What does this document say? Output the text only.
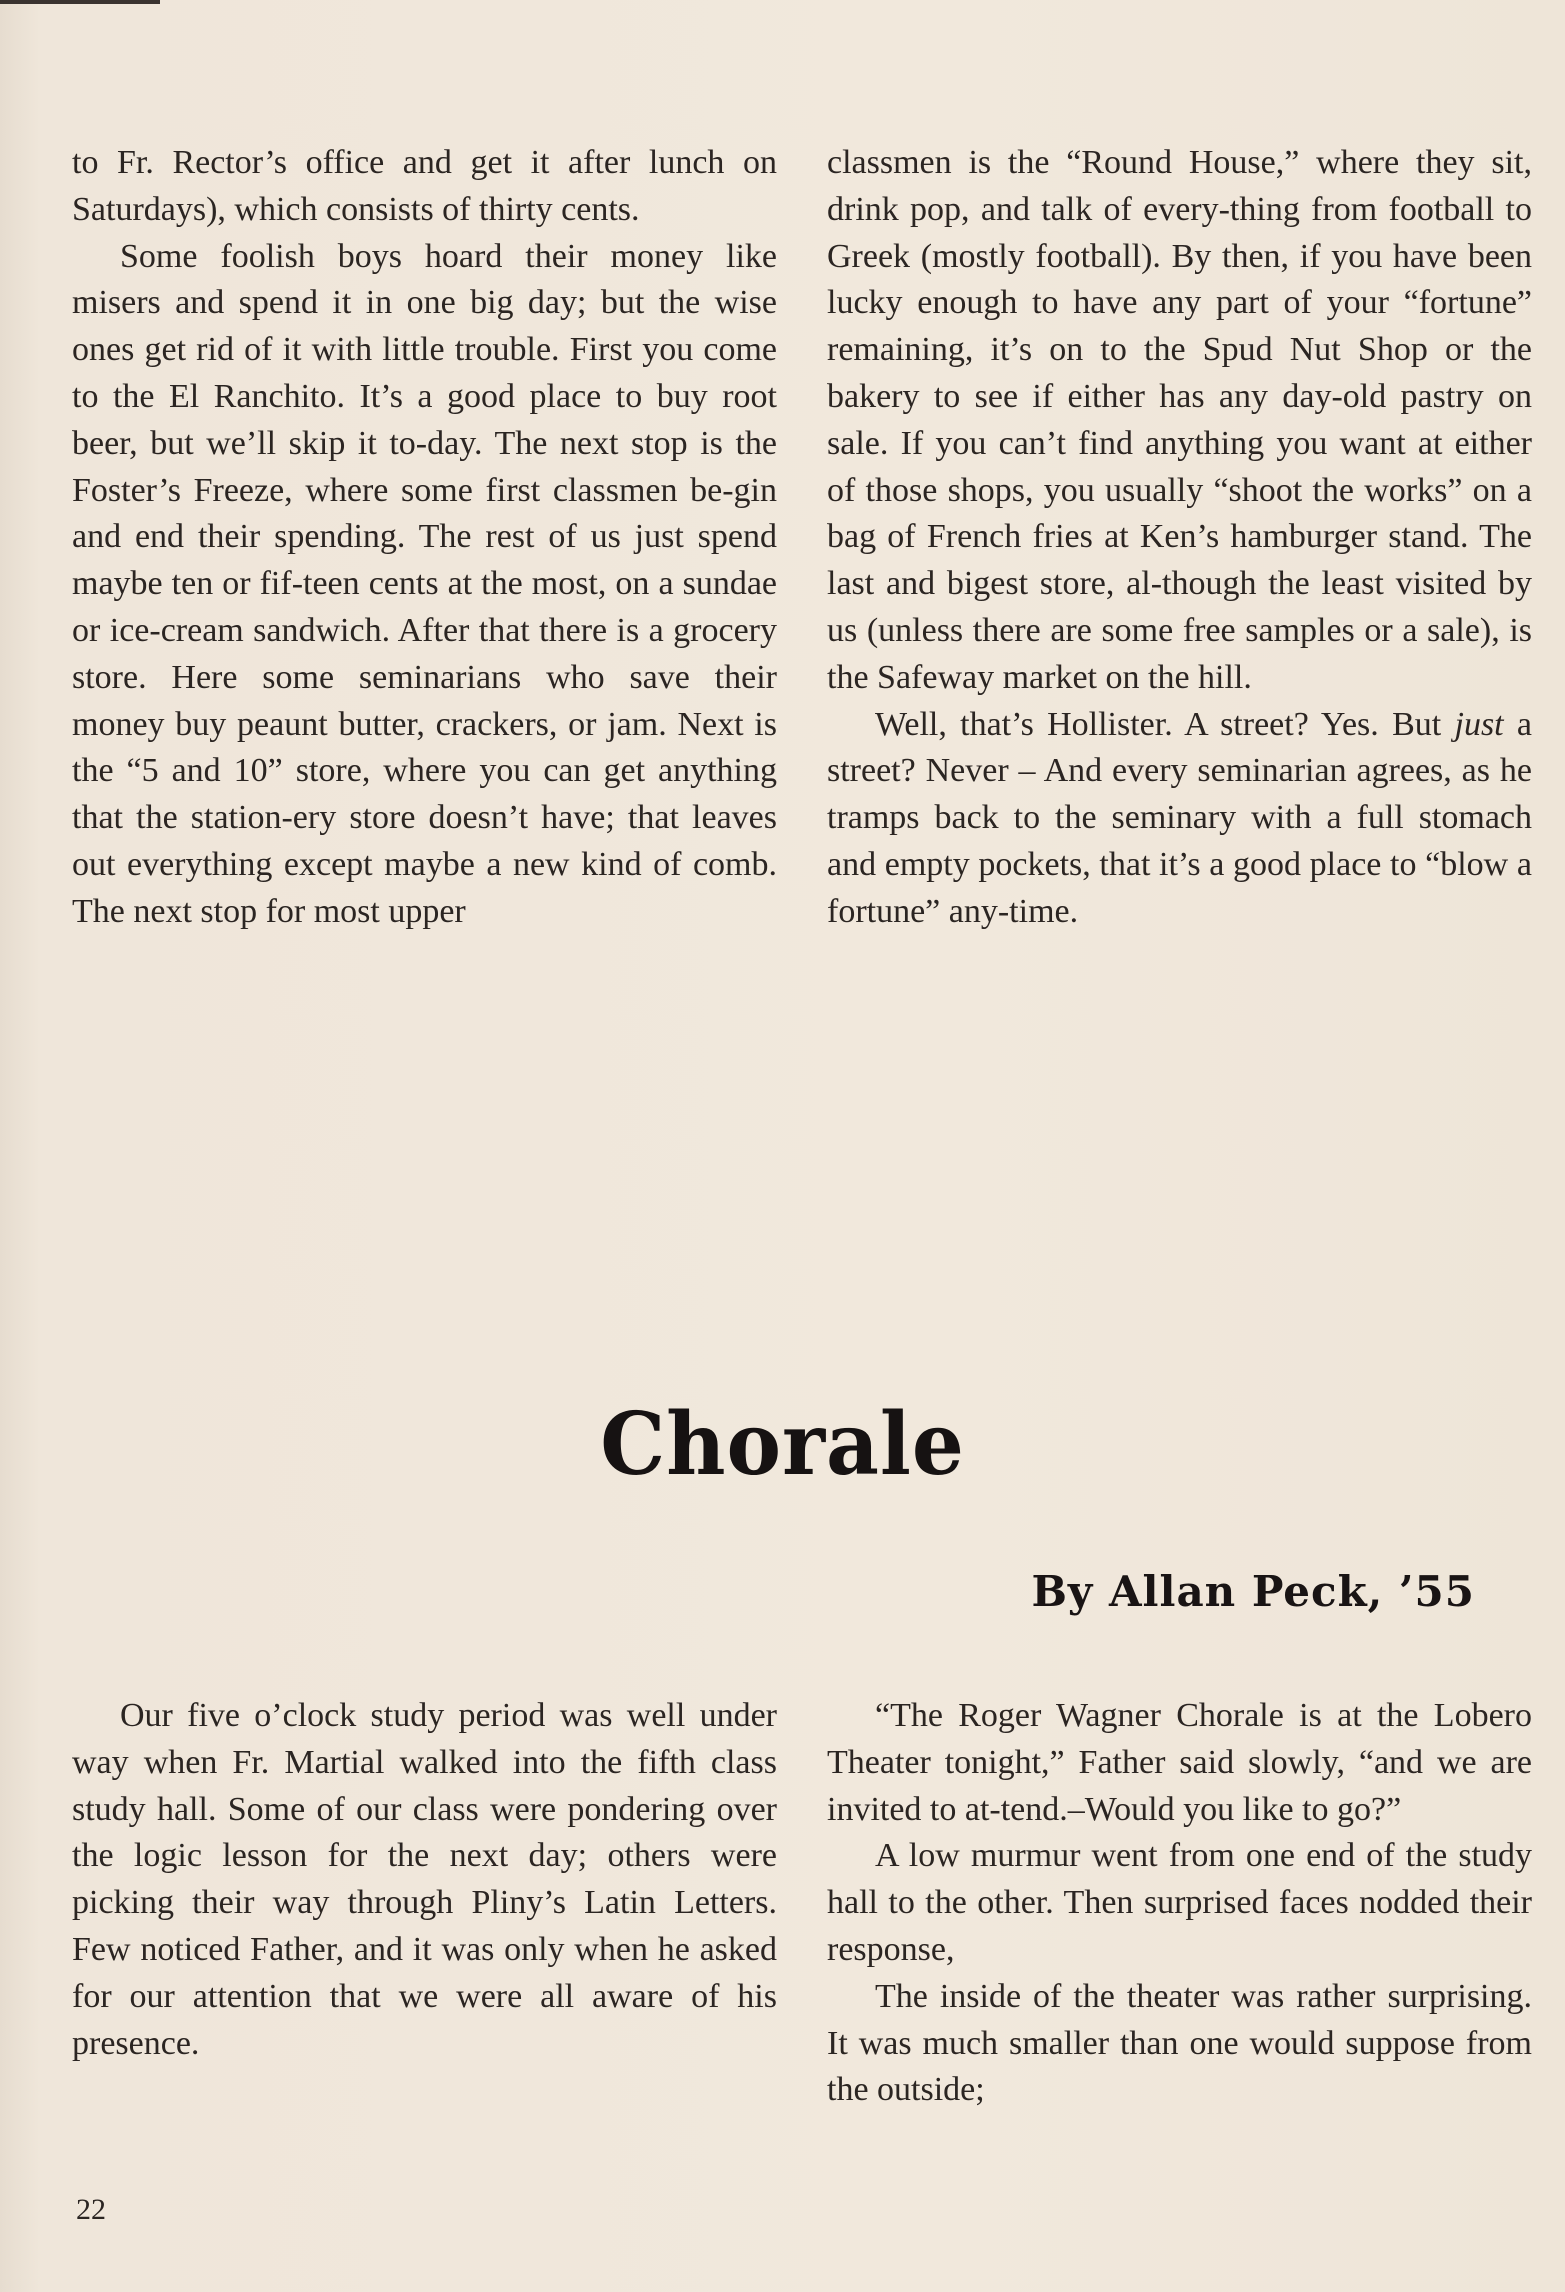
to Fr. Rector’s office and get it after lunch on Saturdays), which consists of thirty cents.

Some foolish boys hoard their money like misers and spend it in one big day; but the wise ones get rid of it with little trouble. First you come to the El Ranchito. It’s a good place to buy root beer, but we’ll skip it to-day. The next stop is the Foster’s Freeze, where some first classmen be-gin and end their spending. The rest of us just spend maybe ten or fif-teen cents at the most, on a sundae or ice-cream sandwich. After that there is a grocery store. Here some seminarians who save their money buy peaunt butter, crackers, or jam. Next is the “5 and 10” store, where you can get anything that the station-ery store doesn’t have; that leaves out everything except maybe a new kind of comb. The next stop for most upper

classmen is the “Round House,” where they sit, drink pop, and talk of every-thing from football to Greek (mostly football). By then, if you have been lucky enough to have any part of your “fortune” remaining, it’s on to the Spud Nut Shop or the bakery to see if either has any day-old pastry on sale. If you can’t find anything you want at either of those shops, you usually “shoot the works” on a bag of French fries at Ken’s hamburger stand. The last and bigest store, al-though the least visited by us (unless there are some free samples or a sale), is the Safeway market on the hill.

Well, that’s Hollister. A street? Yes. But just a street? Never – And every seminarian agrees, as he tramps back to the seminary with a full stomach and empty pockets, that it’s a good place to “blow a fortune” any-time.

Chorale
By Allan Peck, ’55

Our five o’clock study period was well under way when Fr. Martial walked into the fifth class study hall. Some of our class were pondering over the logic lesson for the next day; others were picking their way through Pliny’s Latin Letters. Few noticed Father, and it was only when he asked for our attention that we were all aware of his presence.

“The Roger Wagner Chorale is at the Lobero Theater tonight,” Father said slowly, “and we are invited to at-tend.–Would you like to go?”

A low murmur went from one end of the study hall to the other. Then surprised faces nodded their response,

The inside of the theater was rather surprising. It was much smaller than one would suppose from the outside;

22
